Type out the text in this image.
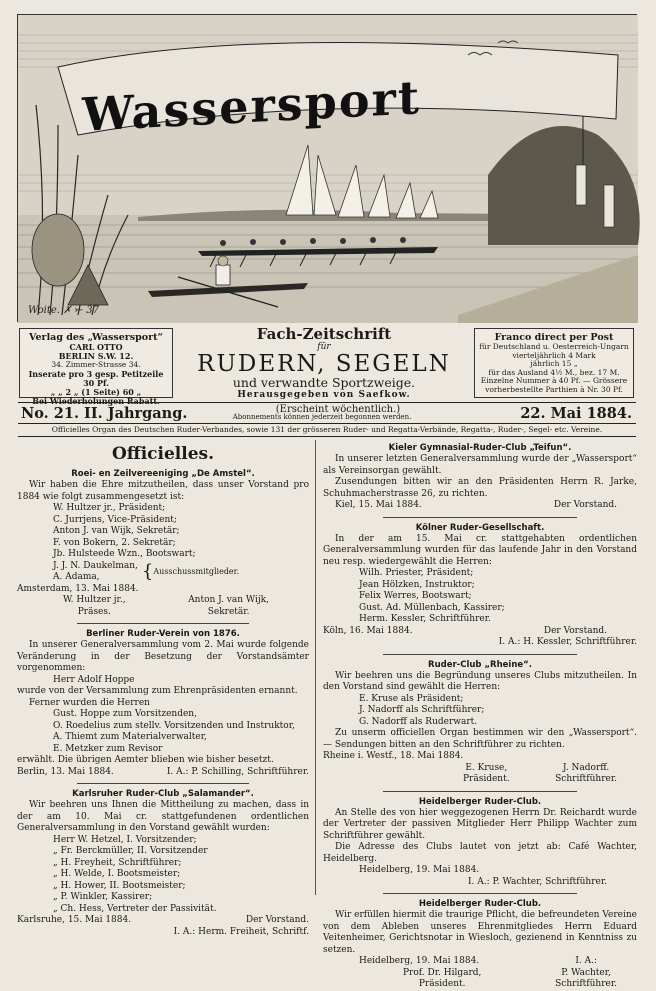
Wassersport
Woite. ✗ ⤚ 37
Verlag des „Wassersport“
CARL OTTO
BERLIN S.W. 12.
34. Zimmer-Strasse 34.
Inserate pro 3 gesp. Petitzeile 30 Pf.
„ „ 2 „ (1 Seite) 60 „
Bei Wiederholungen Rabatt.
Fach-Zeitschrift
für
RUDERN, SEGELN
und verwandte Sportzweige.
Herausgegeben von Saefkow.
Franco direct per Post
für Deutschland u. Oesterreich-Ungarn
vierteljährlich 4 Mark
jährlich 15 „
für das Ausland 4½ M., bez. 17 M.
Einzelne Nummer à 40 Pf. — Grössere
vorherbestellte Parthien à Nr. 30 Pf.
No. 21. II. Jahrgang.	(Erscheint wöchentlich.)	22. Mai 1884.
Abonnements können jederzeit begonnen werden.
Officielles Organ des Deutschen Ruder-Verbandes, sowie 131 der grösseren Ruder- und Regatta-Verbände, Regatta-, Ruder-, Segel- etc. Vereine.
Officielles.
Roei- en Zeilvereeniging „De Amstel“.
Wir haben die Ehre mitzutheilen, dass unser Vorstand pro 1884 wie folgt zusammengesetzt ist:
W. Hultzer jr., Präsident;
C. Jurrjens, Vice-Präsident;
Anton J. van Wijk, Sekretär;
F. von Bokern, 2. Sekretär;
Jb. Hulsteede Wzn., Bootswart;
J. J. N. Daukelman,
A. Adama,	{ Ausschussmitglieder.
Amsterdam, 13. Mai 1884.
W. Hultzer jr.,
Präses.
Anton J. van Wijk,
Sekretär.
Berliner Ruder-Verein von 1876.
In unserer Generalversammlung vom 2. Mai wurde folgende Veränderung in der Besetzung der Vorstandsämter vorgenommen:
Herr Adolf Hoppe
wurde von der Versammlung zum Ehrenpräsidenten ernannt.
Ferner wurden die Herren
Gust. Hoppe zum Vorsitzenden,
O. Roedelius zum stellv. Vorsitzenden und Instruktor,
A. Thiemt zum Materialverwalter,
E. Metzker zum Revisor
erwählt. Die übrigen Aemter blieben wie bisher besetzt.
Berlin, 13. Mai 1884.	I. A.: P. Schilling, Schriftführer.
Karlsruher Ruder-Club „Salamander“.
Wir beehren uns Ihnen die Mittheilung zu machen, dass in der am 10. Mai cr. stattgefundenen ordentlichen Generalversammlung in den Vorstand gewählt wurden:
Herr W. Hetzel, I. Vorsitzender;
„ Fr. Berckmüller, II. Vorsitzender
„ H. Freyheit, Schriftführer;
„ H. Welde, I. Bootsmeister;
„ H. Hower, II. Bootsmeister;
„ P. Winkler, Kassirer;
„ Ch. Hess, Vertreter der Passivität.
Karlsruhe, 15. Mai 1884.	Der Vorstand.
I. A.: Herm. Freiheit, Schriftf.
Kieler Gymnasial-Ruder-Club „Teifun“.
In unserer letzten Generalversammlung wurde der „Wassersport“ als Vereinsorgan gewählt.
Zusendungen bitten wir an den Präsidenten Herrn R. Jarke, Schuhmacherstrasse 26, zu richten.
Kiel, 15. Mai 1884.	Der Vorstand.
Kölner Ruder-Gesellschaft.
In der am 15. Mai cr. stattgehabten ordentlichen Generalversammlung wurden für das laufende Jahr in den Vorstand neu resp. wiedergewählt die Herren:
Wilh. Priester, Präsident;
Jean Hölzken, Instruktor;
Felix Werres, Bootswart;
Gust. Ad. Müllenbach, Kassirer;
Herm. Kessler, Schriftführer.
Köln, 16. Mai 1884.	Der Vorstand.
I. A.: H. Kessler, Schriftführer.
Ruder-Club „Rheine“.
Wir beehren uns die Begründung unseres Clubs mitzutheilen. In den Vorstand sind gewählt die Herren:
E. Kruse als Präsident;
J. Nadorff als Schriftführer;
G. Nadorff als Ruderwart.
Zu unserm officiellen Organ bestimmen wir den „Wassersport“. — Sendungen bitten an den Schriftführer zu richten.
Rheine i. Westf., 18. Mai 1884.
E. Kruse,
Präsident.
J. Nadorff.
Schriftführer.
Heidelberger Ruder-Club.
An Stelle des von hier weggezogenen Herrn Dr. Reichardt wurde der Vertreter der passiven Mitglieder Herr Philipp Wachter zum Schriftführer gewählt.
Die Adresse des Clubs lautet von jetzt ab: Café Wachter, Heidelberg.
Heidelberg, 19. Mai 1884.
I. A.: P. Wachter, Schriftführer.
Heidelberger Ruder-Club.
Wir erfüllen hiermit die traurige Pflicht, die befreundeten Vereine von dem Ableben unseres Ehrenmitgliedes Herrn Eduard Veitenheimer, Gerichtsnotar in Wiesloch, gezienend in Kenntniss zu setzen.
Heidelberg, 19. Mai 1884.	I. A.:
Prof. Dr. Hilgard,
Präsident.
P. Wachter,
Schriftführer.
